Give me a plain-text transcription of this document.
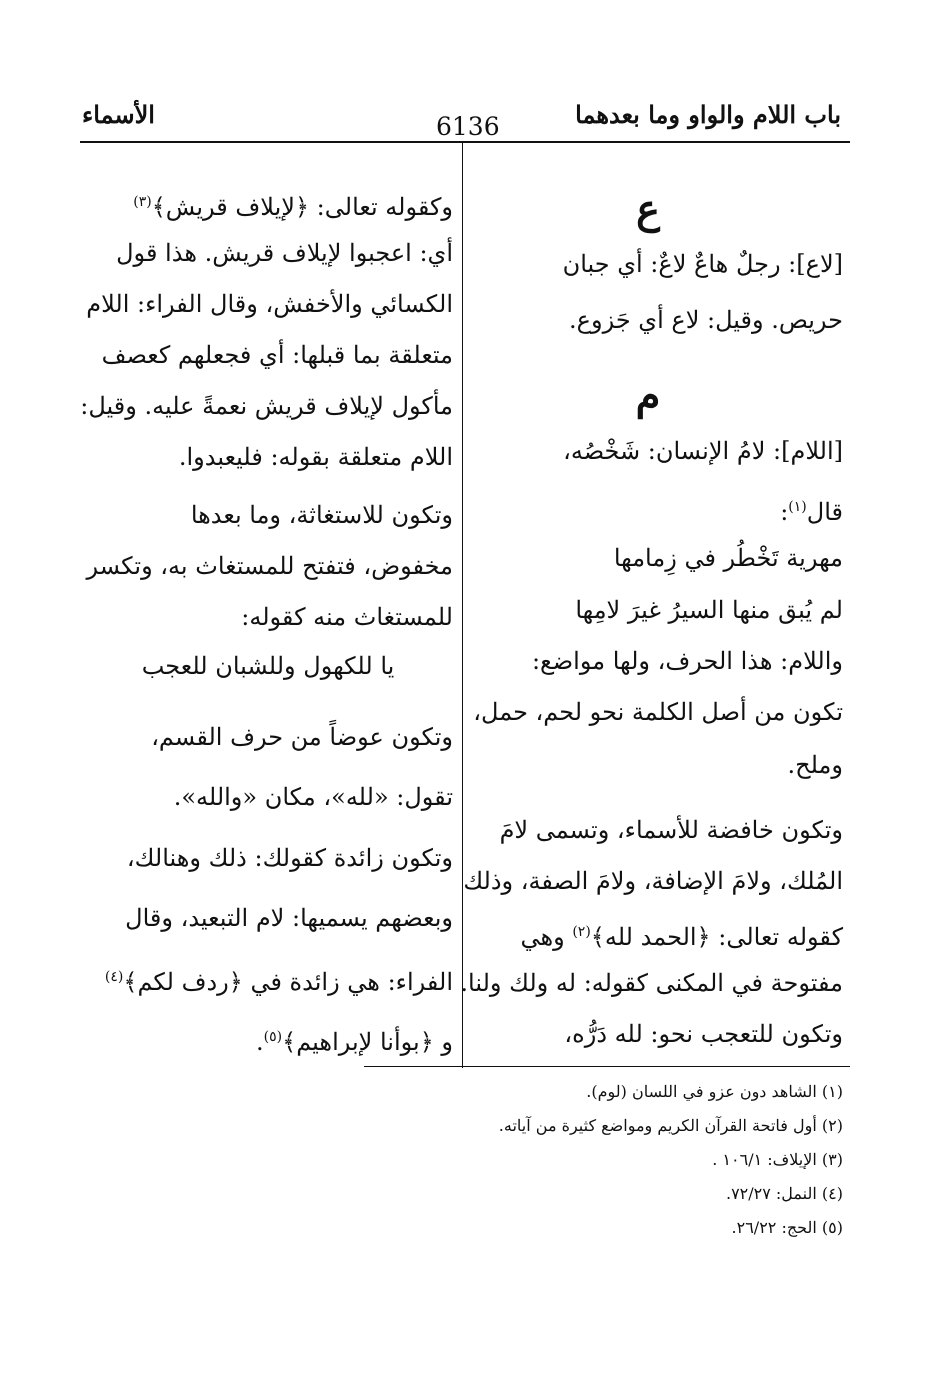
باب اللام والواو وما بعدهما
6136
الأسماء
ع
[لاع]: رجلٌ هاعٌ لاعٌ: أي جبان
حريص. وقيل: لاع أي جَزوع.
م
[اللام]: لامُ الإنسان: شَخْصُه،
قال$^{(١)}$:
مهرية تَخْطُر في زِمامها
لم يُبق منها السيرُ غيرَ لامِها
واللام: هذا الحرف، ولها مواضع:
تكون من أصل الكلمة نحو لحم، حمل،
وملح.
وتكون خافضة للأسماء، وتسمى لامَ
المُلك، ولامَ الإضافة، ولامَ الصفة، وذلك
كقوله تعالى: ﴿الحمد لله﴾$^{(٢)}$ وهي
مفتوحة في المكنى كقوله: له ولك ولنا.
وتكون للتعجب نحو: لله دَرُّه،
وكقوله تعالى: ﴿لإيلاف قريش﴾$^{(٣)}$
أي: اعجبوا لإيلاف قريش. هذا قول
الكسائي والأخفش، وقال الفراء: اللام
متعلقة بما قبلها: أي فجعلهم كعصف
مأكول لإيلاف قريش نعمةً عليه. وقيل:
اللام متعلقة بقوله: فليعبدوا.
وتكون للاستغاثة، وما بعدها
مخفوض، فتفتح للمستغاث به، وتكسر
للمستغاث منه كقوله:
يا للكهول وللشبان للعجب
وتكون عوضاً من حرف القسم،
تقول: «لله»، مكان «والله».
وتكون زائدة كقولك: ذلك وهنالك،
وبعضهم يسميها: لام التبعيد، وقال
الفراء: هي زائدة في ﴿ردف لكم﴾$^{(٤)}$
و ﴿بوأنا لإبراهيم﴾$^{(٥)}$.
(١) الشاهد دون عزو في اللسان (لوم).
(٢) أول فاتحة القرآن الكريم ومواضع كثيرة من آياته.
(٣) الإيلاف: ١٠٦/١ .
(٤) النمل: ٧٢/٢٧.
(٥) الحج: ٢٦/٢٢.
